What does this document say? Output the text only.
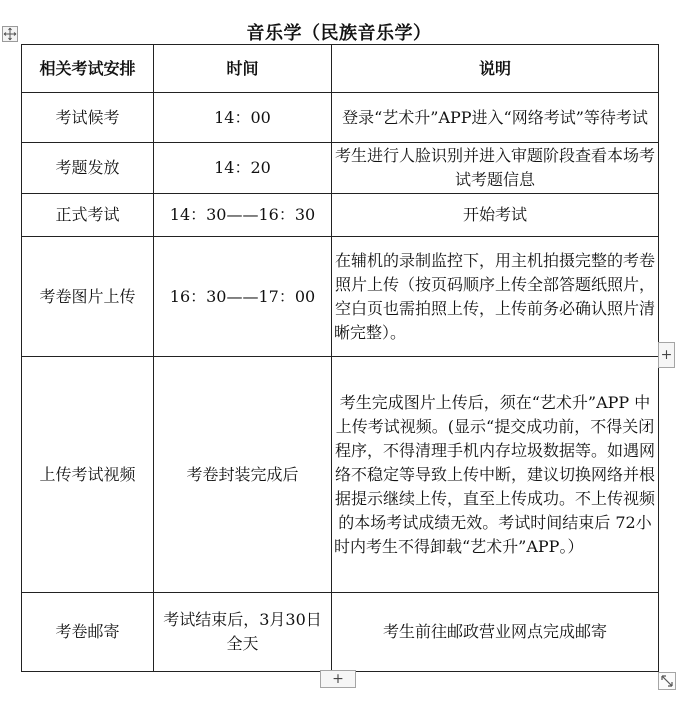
音乐学（民族音乐学）
相关考试安排	时间	说明
考试候考	14：00	登录“艺术升”APP进入“网络考试”等待考试
考题发放	14：20	考生进行人脸识别并进入审题阶段查看本场考试考题信息
正式考试	14：30——16：30	开始考试
考卷图片上传	16：30——17：00	在辅机的录制监控下，用主机拍摄完整的考卷照片上传（按页码顺序上传全部答题纸照片，空白页也需拍照上传，上传前务必确认照片清晰完整）。
上传考试视频	考卷封装完成后	考生完成图片上传后，须在“艺术升”APP 中上传考试视频。(显示“提交成功前，不得关闭程序，不得清理手机内存垃圾数据等。如遇网络不稳定等导致上传中断，建议切换网络并根据提示继续上传，直至上传成功。不上传视频的本场考试成绩无效。考试时间结束后 72小时内考生不得卸载“艺术升”APP。）
考卷邮寄	考试结束后，3月30日全天	考生前往邮政营业网点完成邮寄
+
+
